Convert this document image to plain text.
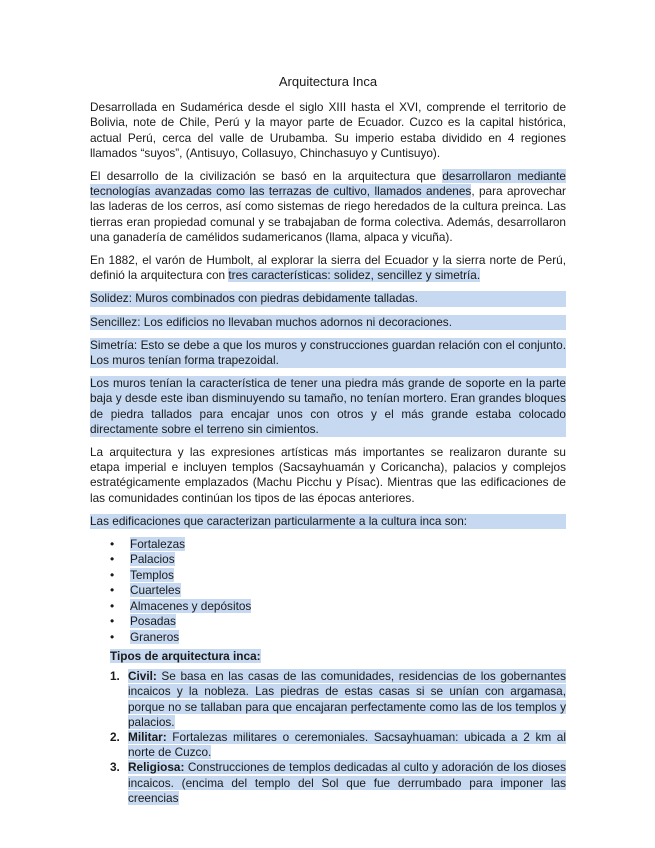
Arquitectura Inca

Desarrollada en Sudamérica desde el siglo XIII hasta el XVI, comprende el territorio de Bolivia, note de Chile, Perú y la mayor parte de Ecuador. Cuzco es la capital histórica, actual Perú, cerca del valle de Urubamba. Su imperio estaba dividido en 4 regiones llamados “suyos”, (Antisuyo, Collasuyo, Chinchasuyo y Cuntisuyo).

El desarrollo de la civilización se basó en la arquitectura que desarrollaron mediante tecnologías avanzadas como las terrazas de cultivo, llamados andenes, para aprovechar las laderas de los cerros, así como sistemas de riego heredados de la cultura preinca. Las tierras eran propiedad comunal y se trabajaban de forma colectiva. Además, desarrollaron una ganadería de camélidos sudamericanos (llama, alpaca y vicuña).

En 1882, el varón de Humbolt, al explorar la sierra del Ecuador y la sierra norte de Perú, definió la arquitectura con tres características: solidez, sencillez y simetría.

Solidez: Muros combinados con piedras debidamente talladas.

Sencillez: Los edificios no llevaban muchos adornos ni decoraciones.

Simetría: Esto se debe a que los muros y construcciones guardan relación con el conjunto. Los muros tenían forma trapezoidal.

Los muros tenían la característica de tener una piedra más grande de soporte en la parte baja y desde este iban disminuyendo su tamaño, no tenían mortero. Eran grandes bloques de piedra tallados para encajar unos con otros y el más grande estaba colocado directamente sobre el terreno sin cimientos.

La arquitectura y las expresiones artísticas más importantes se realizaron durante su etapa imperial e incluyen templos (Sacsayhuamán y Coricancha), palacios y complejos estratégicamente emplazados (Machu Picchu y Písac). Mientras que las edificaciones de las comunidades continúan los tipos de las épocas anteriores.

Las edificaciones que caracterizan particularmente a la cultura inca son:

• Fortalezas
• Palacios
• Templos
• Cuarteles
• Almacenes y depósitos
• Posadas
• Graneros
Tipos de arquitectura inca:
1. Civil: Se basa en las casas de las comunidades, residencias de los gobernantes incaicos y la nobleza. Las piedras de estas casas si se unían con argamasa, porque no se tallaban para que encajaran perfectamente como las de los templos y palacios.
2. Militar: Fortalezas militares o ceremoniales. Sacsayhuaman: ubicada a 2 km al norte de Cuzco.
3. Religiosa: Construcciones de templos dedicadas al culto y adoración de los dioses incaicos. (encima del templo del Sol que fue derrumbado para imponer las creencias
